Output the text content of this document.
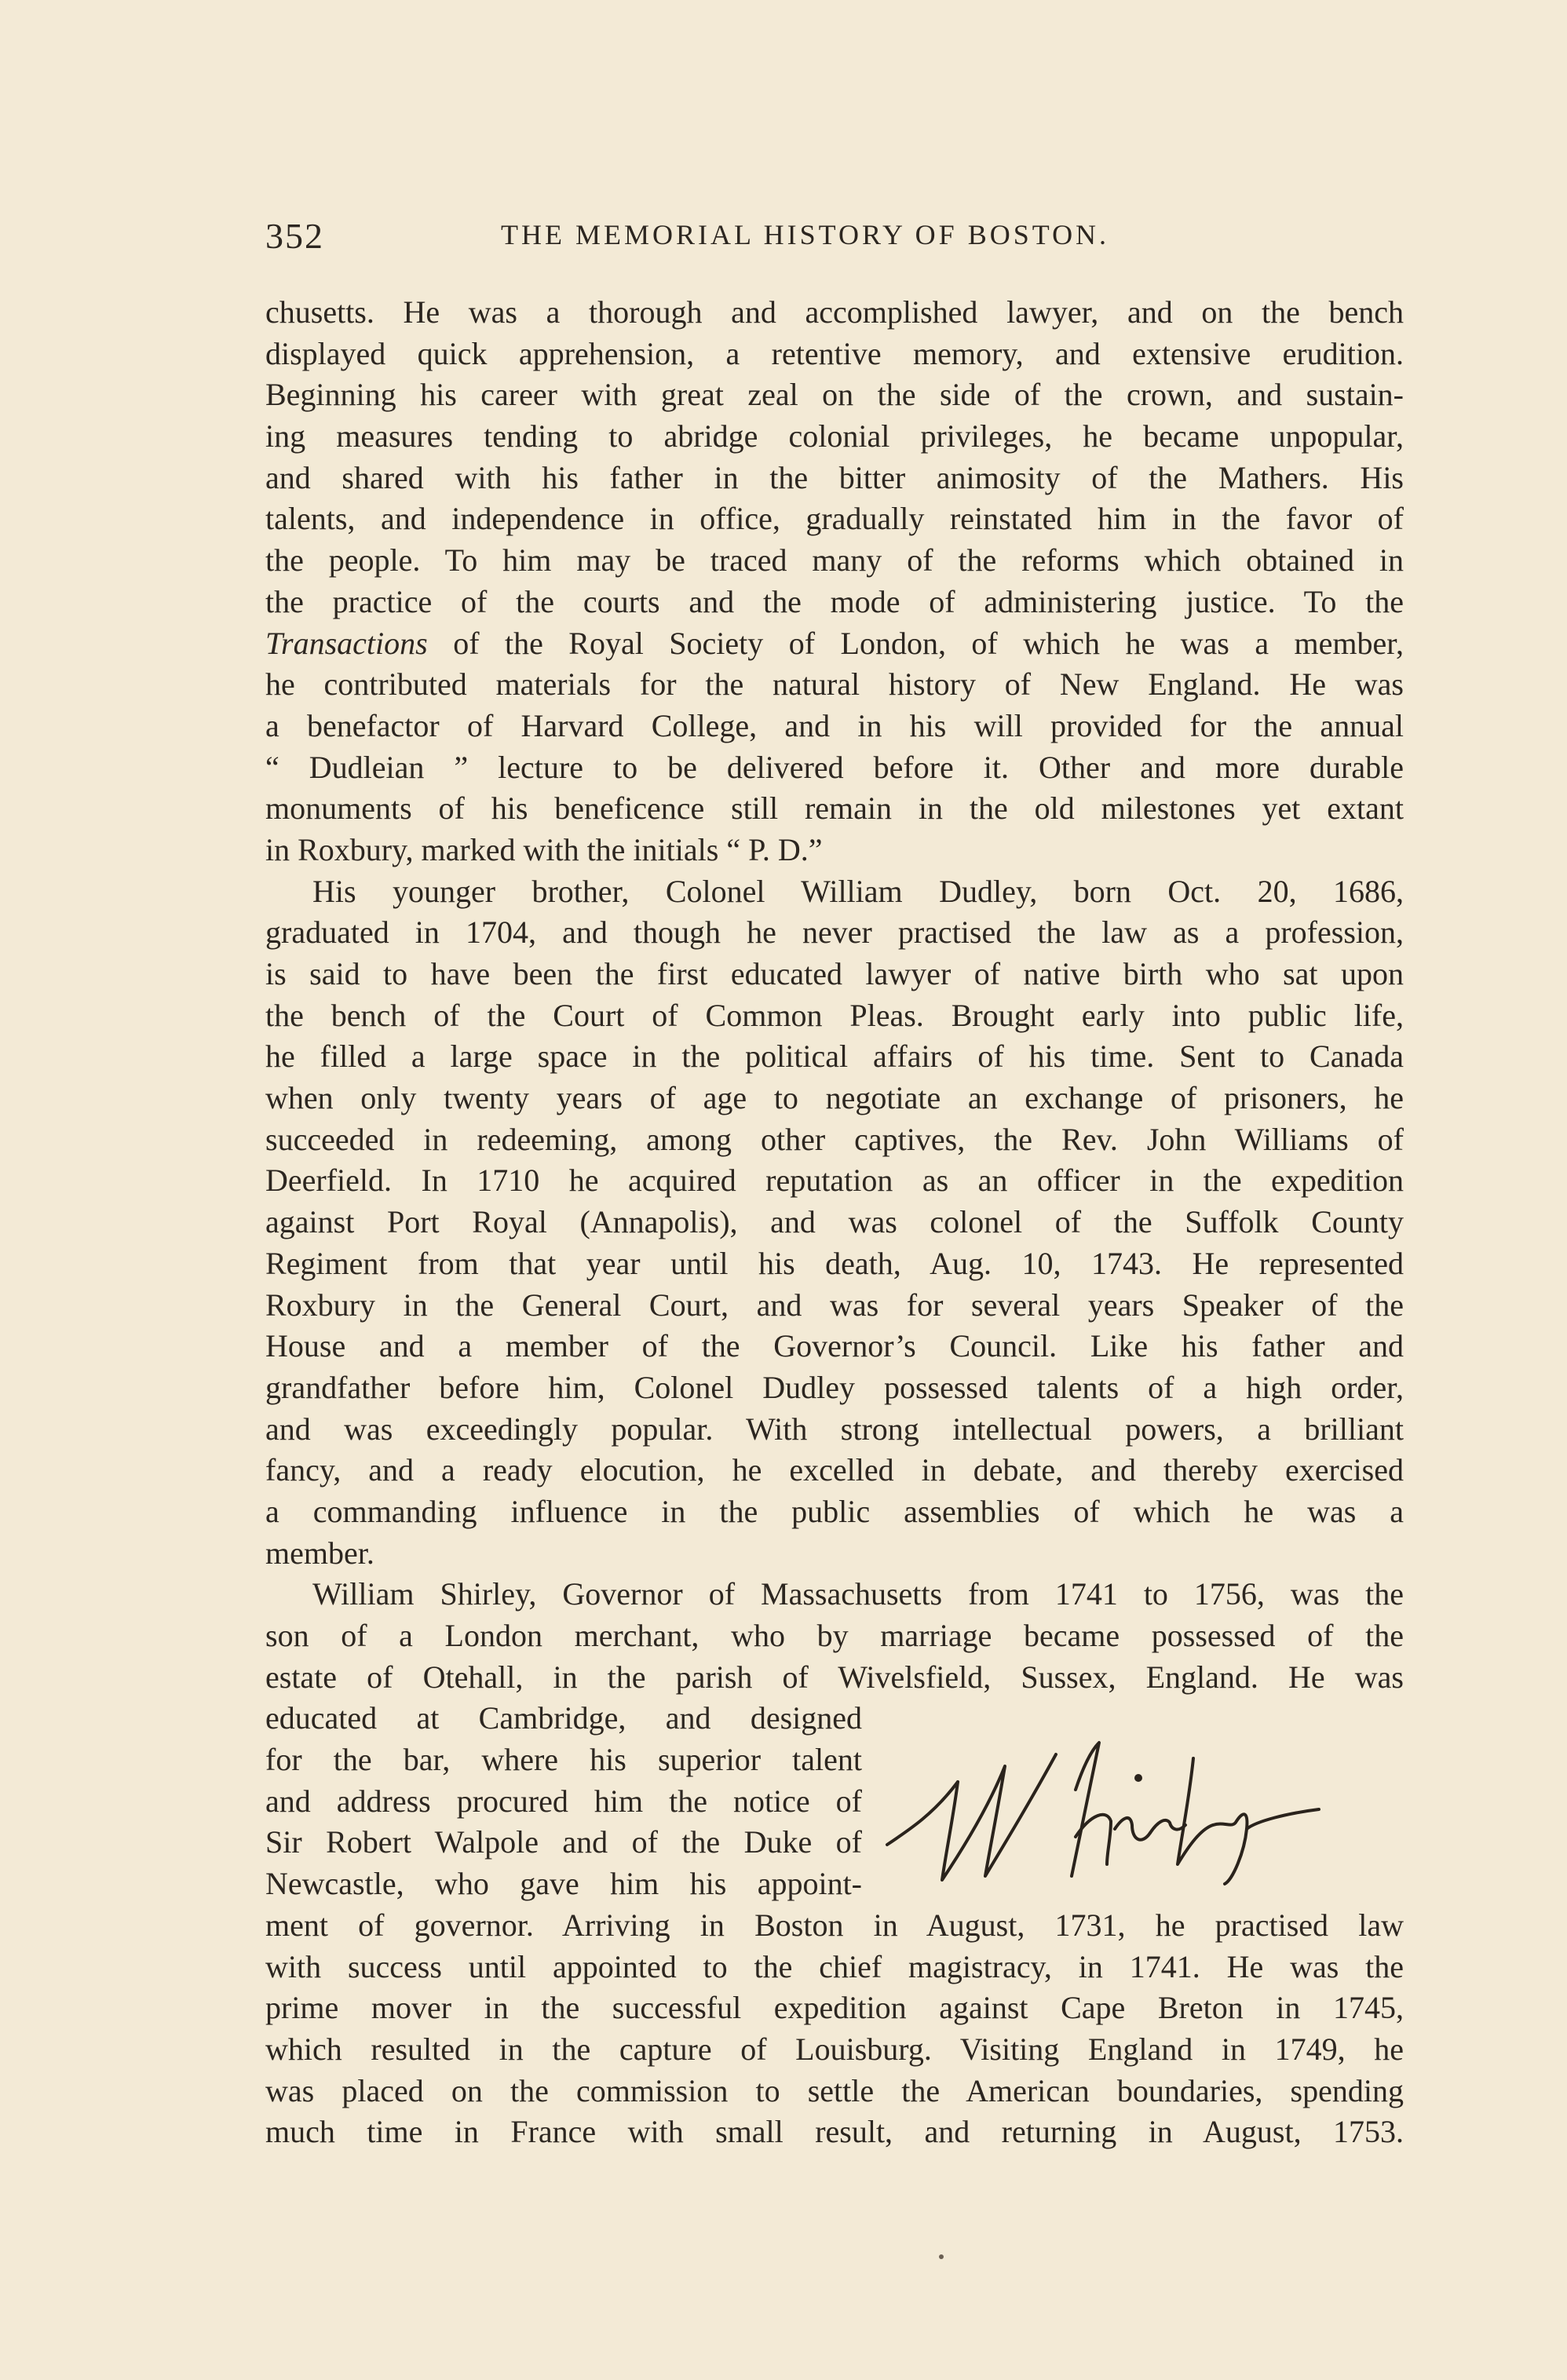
352	THE MEMORIAL HISTORY OF BOSTON.
chusetts. He was a thorough and accomplished lawyer, and on the bench
displayed quick apprehension, a retentive memory, and extensive erudition.
Beginning his career with great zeal on the side of the crown, and sustain-
ing measures tending to abridge colonial privileges, he became unpopular,
and shared with his father in the bitter animosity of the Mathers. His
talents, and independence in office, gradually reinstated him in the favor of
the people. To him may be traced many of the reforms which obtained in
the practice of the courts and the mode of administering justice. To the
Transactions of the Royal Society of London, of which he was a member,
he contributed materials for the natural history of New England. He was
a benefactor of Harvard College, and in his will provided for the annual
“ Dudleian ” lecture to be delivered before it. Other and more durable
monuments of his beneficence still remain in the old milestones yet extant
in Roxbury, marked with the initials “ P. D.”
His younger brother, Colonel William Dudley, born Oct. 20, 1686,
graduated in 1704, and though he never practised the law as a profession,
is said to have been the first educated lawyer of native birth who sat upon
the bench of the Court of Common Pleas. Brought early into public life,
he filled a large space in the political affairs of his time. Sent to Canada
when only twenty years of age to negotiate an exchange of prisoners, he
succeeded in redeeming, among other captives, the Rev. John Williams of
Deerfield. In 1710 he acquired reputation as an officer in the expedition
against Port Royal (Annapolis), and was colonel of the Suffolk County
Regiment from that year until his death, Aug. 10, 1743. He represented
Roxbury in the General Court, and was for several years Speaker of the
House and a member of the Governor’s Council. Like his father and
grandfather before him, Colonel Dudley possessed talents of a high order,
and was exceedingly popular. With strong intellectual powers, a brilliant
fancy, and a ready elocution, he excelled in debate, and thereby exercised
a commanding influence in the public assemblies of which he was a
member.
William Shirley, Governor of Massachusetts from 1741 to 1756, was the
son of a London merchant, who by marriage became possessed of the
estate of Otehall, in the parish of Wivelsfield, Sussex, England. He was
educated at Cambridge, and designed
for the bar, where his superior talent
and address procured him the notice of
Sir Robert Walpole and of the Duke of
Newcastle, who gave him his appoint-
ment of governor. Arriving in Boston in August, 1731, he practised law
with success until appointed to the chief magistracy, in 1741. He was the
prime mover in the successful expedition against Cape Breton in 1745,
which resulted in the capture of Louisburg. Visiting England in 1749, he
was placed on the commission to settle the American boundaries, spending
much time in France with small result, and returning in August, 1753.
